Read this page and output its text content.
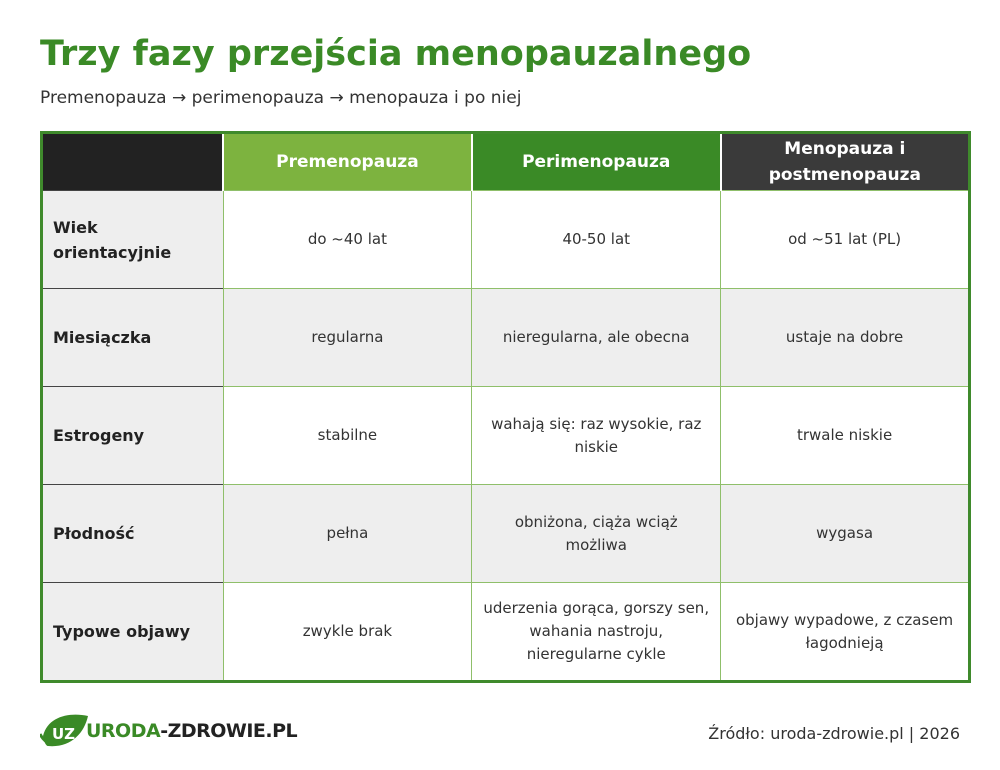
Trzy fazy przejścia menopauzalnego

Premenopauza → perimenopauza → menopauza i po niej

	Premenopauza	Perimenopauza	Menopauza i postmenopauza
Wiek orientacyjnie	do ~40 lat	40-50 lat	od ~51 lat (PL)
Miesiączka	regularna	nieregularna, ale obecna	ustaje na dobre
Estrogeny	stabilne	wahają się: raz wysokie, raz niskie	trwale niskie
Płodność	pełna	obniżona, ciąża wciąż możliwa	wygasa
Typowe objawy	zwykle brak	uderzenia gorąca, gorszy sen, wahania nastroju, nieregularne cykle	objawy wypadowe, z czasem łagodnieją
UZ URODA-ZDROWIE.PL	Źródło: uroda-zdrowie.pl | 2026
